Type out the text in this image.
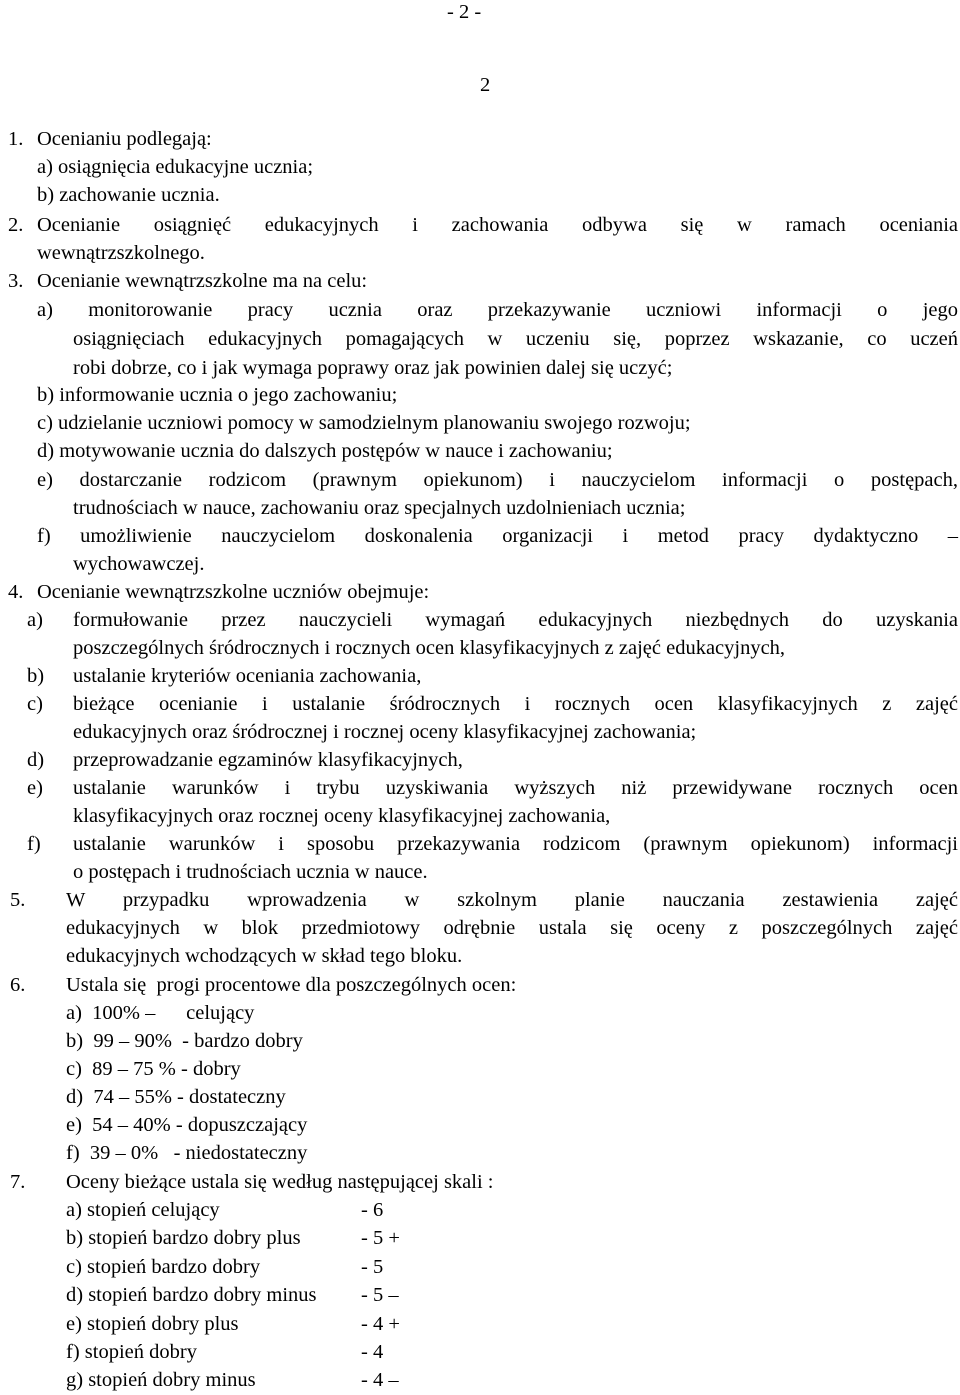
- 2 -
2
1. Ocenianiu podlegają:
a) osiągnięcia edukacyjne ucznia;
b) zachowanie ucznia.
2. Ocenianie osiągnięć edukacyjnych i zachowania odbywa się w ramach oceniania
wewnątrzszkolnego.
3. Ocenianie wewnątrzszkolne ma na celu:
a) monitorowanie pracy ucznia oraz przekazywanie uczniowi informacji o jego
osiągnięciach edukacyjnych pomagających w uczeniu się, poprzez wskazanie, co uczeń
robi dobrze, co i jak wymaga poprawy oraz jak powinien dalej się uczyć;
b) informowanie ucznia o jego zachowaniu;
c) udzielanie uczniowi pomocy w samodzielnym planowaniu swojego rozwoju;
d) motywowanie ucznia do dalszych postępów w nauce i zachowaniu;
e) dostarczanie rodzicom (prawnym opiekunom) i nauczycielom informacji o postępach,
trudnościach w nauce, zachowaniu oraz specjalnych uzdolnieniach ucznia;
f) umożliwienie nauczycielom doskonalenia organizacji i metod pracy dydaktyczno –
wychowawczej.
4. Ocenianie wewnątrzszkolne uczniów obejmuje:
a) formułowanie przez nauczycieli wymagań edukacyjnych niezbędnych do uzyskania
poszczególnych śródrocznych i rocznych ocen klasyfikacyjnych z zajęć edukacyjnych,
b) ustalanie kryteriów oceniania zachowania,
c) bieżące ocenianie i ustalanie śródrocznych i rocznych ocen klasyfikacyjnych z zajęć
edukacyjnych oraz śródrocznej i rocznej oceny klasyfikacyjnej zachowania;
d) przeprowadzanie egzaminów klasyfikacyjnych,
e) ustalanie warunków i trybu uzyskiwania wyższych niż przewidywane rocznych ocen
klasyfikacyjnych oraz rocznej oceny klasyfikacyjnej zachowania,
f) ustalanie warunków i sposobu przekazywania rodzicom (prawnym opiekunom) informacji
o postępach i trudnościach ucznia w nauce.
5. W przypadku wprowadzenia w szkolnym planie nauczania zestawienia zajęć
edukacyjnych w blok przedmiotowy odrębnie ustala się oceny z poszczególnych zajęć
edukacyjnych wchodzących w skład tego bloku.
6. Ustala się  progi procentowe dla poszczególnych ocen:
a)  100% –      celujący
b)  99 – 90%  - bardzo dobry
c)  89 – 75 % - dobry
d)  74 – 55% - dostateczny
e)  54 – 40% - dopuszczający
f)  39 – 0%   - niedostateczny
7. Oceny bieżące ustala się według następującej skali :
a) stopień celujący	- 6
b) stopień bardzo dobry plus	- 5 +
c) stopień bardzo dobry	- 5
d) stopień bardzo dobry minus - 5 –
e) stopień dobry plus	- 4 +
f) stopień dobry	- 4
g) stopień dobry minus	- 4 –
